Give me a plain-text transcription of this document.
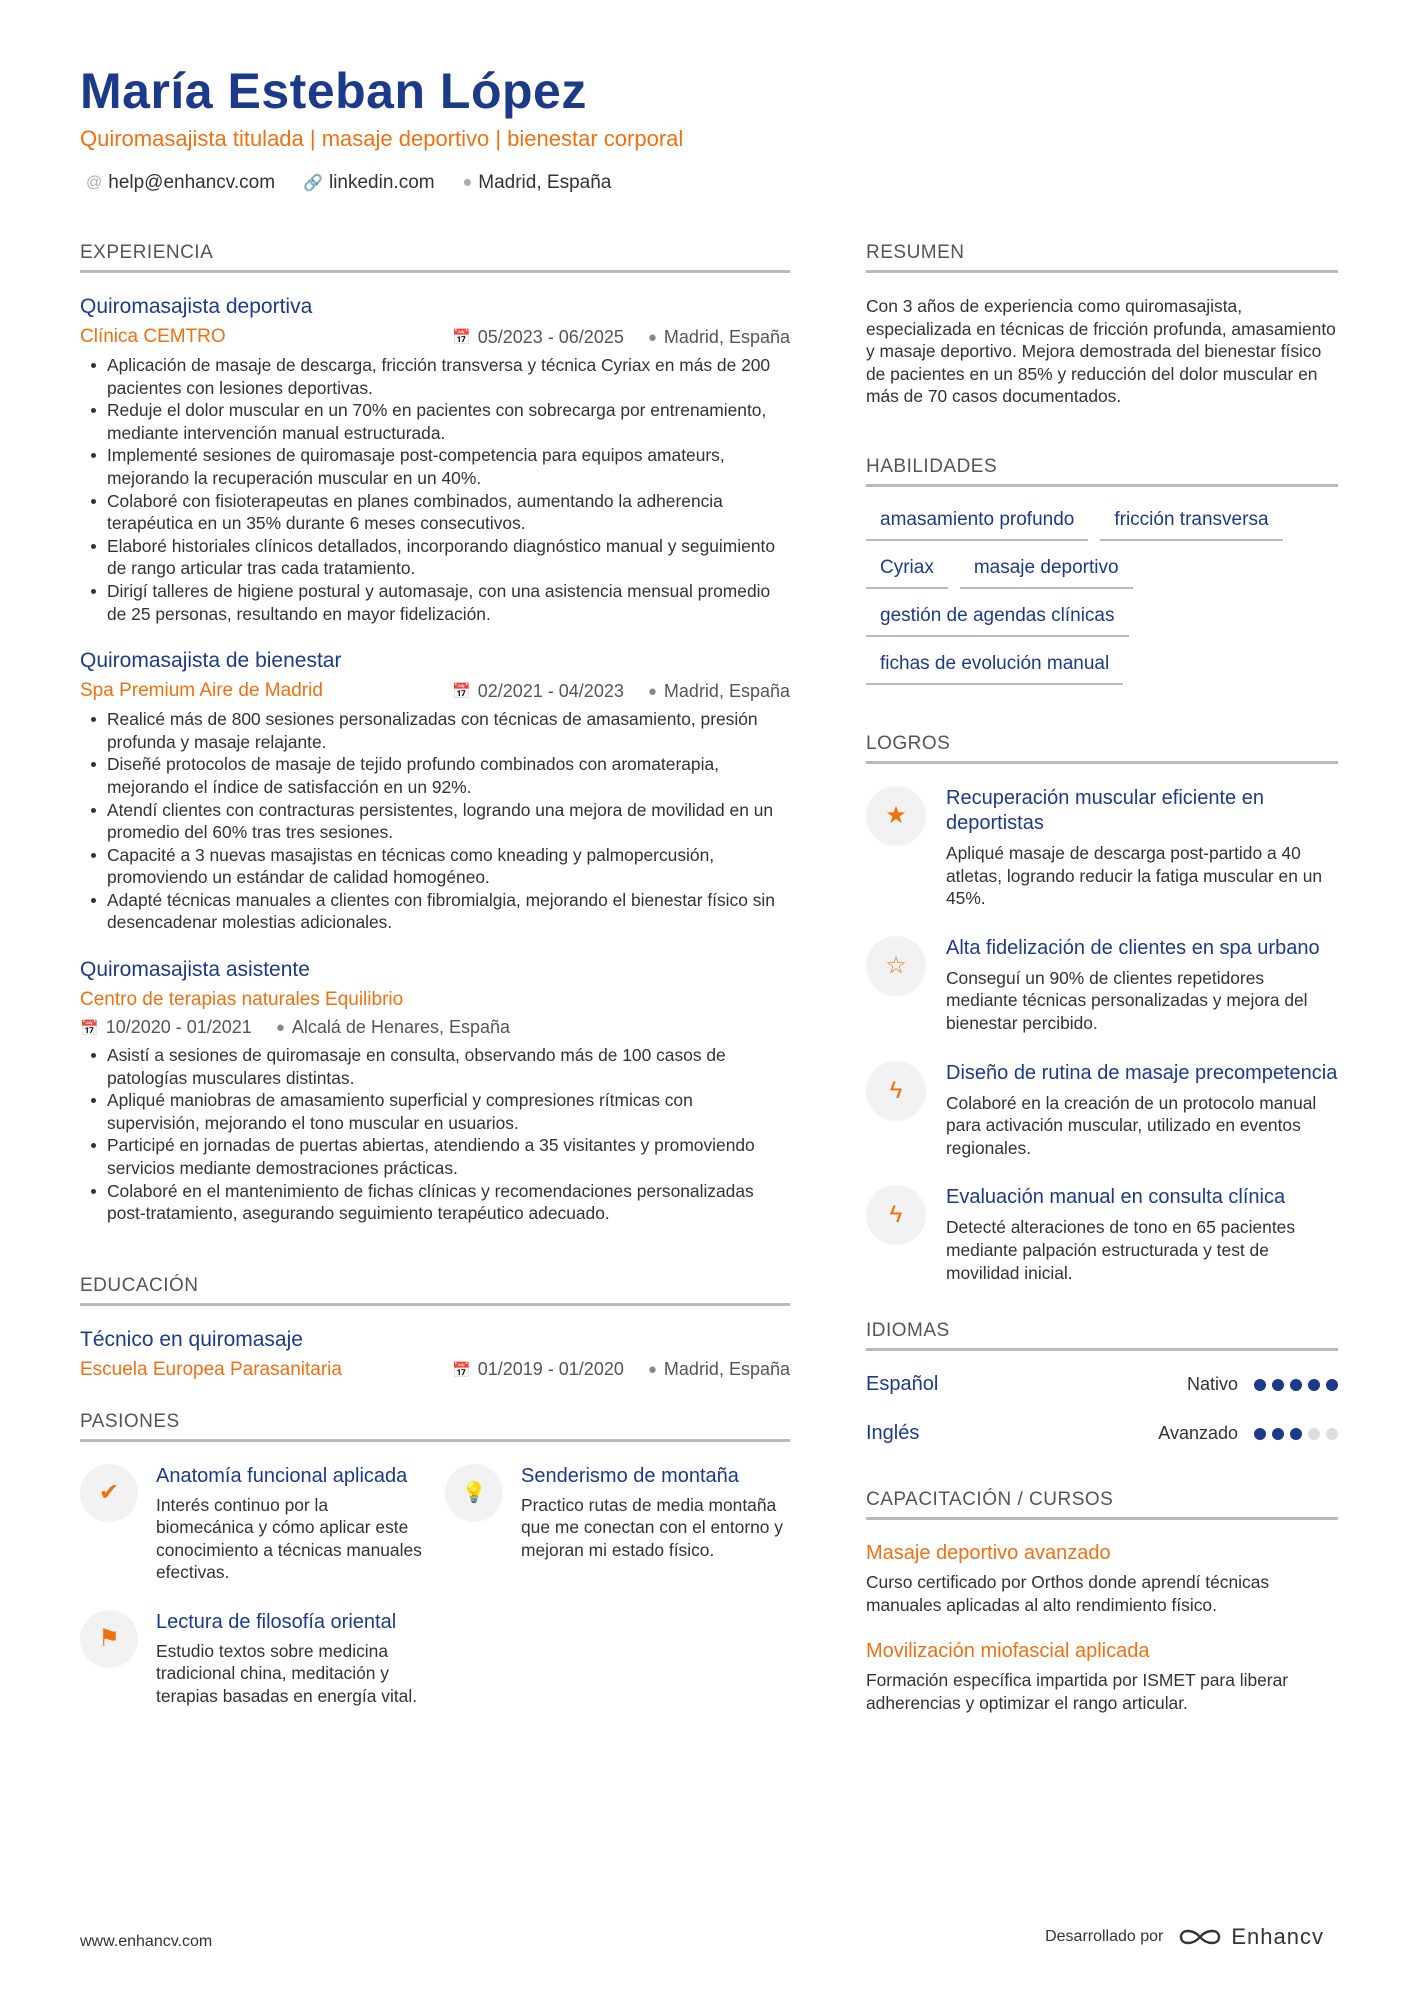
María Esteban López
Quiromasajista titulada | masaje deportivo | bienestar corporal
@ help@enhancv.com 🔗 linkedin.com ● Madrid, España
EXPERIENCIA
Quiromasajista deportiva
Clínica CEMTRO	📅 05/2023 - 06/2025 ● Madrid, España
Aplicación de masaje de descarga, fricción transversa y técnica Cyriax en más de 200 pacientes con lesiones deportivas.
Reduje el dolor muscular en un 70% en pacientes con sobrecarga por entrenamiento, mediante intervención manual estructurada.
Implementé sesiones de quiromasaje post-competencia para equipos amateurs, mejorando la recuperación muscular en un 40%.
Colaboré con fisioterapeutas en planes combinados, aumentando la adherencia terapéutica en un 35% durante 6 meses consecutivos.
Elaboré historiales clínicos detallados, incorporando diagnóstico manual y seguimiento de rango articular tras cada tratamiento.
Dirigí talleres de higiene postural y automasaje, con una asistencia mensual promedio de 25 personas, resultando en mayor fidelización.
Quiromasajista de bienestar
Spa Premium Aire de Madrid	📅 02/2021 - 04/2023 ● Madrid, España
Realicé más de 800 sesiones personalizadas con técnicas de amasamiento, presión profunda y masaje relajante.
Diseñé protocolos de masaje de tejido profundo combinados con aromaterapia, mejorando el índice de satisfacción en un 92%.
Atendí clientes con contracturas persistentes, logrando una mejora de movilidad en un promedio del 60% tras tres sesiones.
Capacité a 3 nuevas masajistas en técnicas como kneading y palmopercusión, promoviendo un estándar de calidad homogéneo.
Adapté técnicas manuales a clientes con fibromialgia, mejorando el bienestar físico sin desencadenar molestias adicionales.
Quiromasajista asistente
Centro de terapias naturales Equilibrio
📅 10/2020 - 01/2021 ● Alcalá de Henares, España
Asistí a sesiones de quiromasaje en consulta, observando más de 100 casos de patologías musculares distintas.
Apliqué maniobras de amasamiento superficial y compresiones rítmicas con supervisión, mejorando el tono muscular en usuarios.
Participé en jornadas de puertas abiertas, atendiendo a 35 visitantes y promoviendo servicios mediante demostraciones prácticas.
Colaboré en el mantenimiento de fichas clínicas y recomendaciones personalizadas post-tratamiento, asegurando seguimiento terapéutico adecuado.
EDUCACIÓN
Técnico en quiromasaje
Escuela Europea Parasanitaria	📅 01/2019 - 01/2020 ● Madrid, España
PASIONES
✔
Anatomía funcional aplicada
Interés continuo por la biomecánica y cómo aplicar este conocimiento a técnicas manuales efectivas.
💡
Senderismo de montaña
Practico rutas de media montaña que me conectan con el entorno y mejoran mi estado físico.
⚑
Lectura de filosofía oriental
Estudio textos sobre medicina tradicional china, meditación y terapias basadas en energía vital.
RESUMEN
Con 3 años de experiencia como quiromasajista, especializada en técnicas de fricción profunda, amasamiento y masaje deportivo. Mejora demostrada del bienestar físico de pacientes en un 85% y reducción del dolor muscular en más de 70 casos documentados.
HABILIDADES
amasamiento profundo	fricción transversa
Cyriax	masaje deportivo
gestión de agendas clínicas
fichas de evolución manual
LOGROS
★
Recuperación muscular eficiente en deportistas
Apliqué masaje de descarga post-partido a 40 atletas, logrando reducir la fatiga muscular en un 45%.
☆
Alta fidelización de clientes en spa urbano
Conseguí un 90% de clientes repetidores mediante técnicas personalizadas y mejora del bienestar percibido.
ϟ
Diseño de rutina de masaje precompetencia
Colaboré en la creación de un protocolo manual para activación muscular, utilizado en eventos regionales.
ϟ
Evaluación manual en consulta clínica
Detecté alteraciones de tono en 65 pacientes mediante palpación estructurada y test de movilidad inicial.
IDIOMAS
Español	Nativo
Inglés	Avanzado
CAPACITACIÓN / CURSOS
Masaje deportivo avanzado
Curso certificado por Orthos donde aprendí técnicas manuales aplicadas al alto rendimiento físico.
Movilización miofascial aplicada
Formación específica impartida por ISMET para liberar adherencias y optimizar el rango articular.
www.enhancv.com	Desarrollado por	Enhancv
